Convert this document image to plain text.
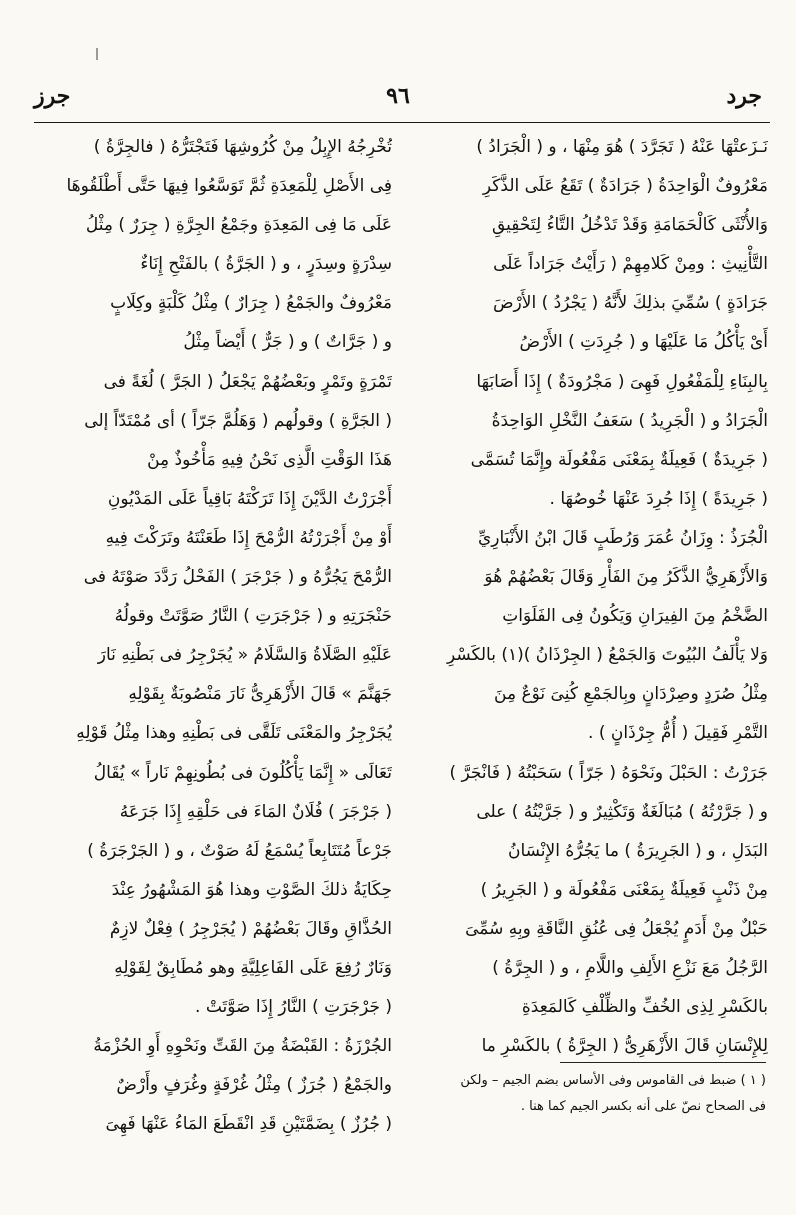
جرز	٩٦	جرد
نَـزَعتْهَا عَنْهُ ( تَجَرَّدَ ) هُوَ مِنْهَا ، و ( الْجَرَادُ )
مَعْرُوفٌ الْوَاحِدَةُ ( جَرَادَةٌ ) تَقَعُ عَلَى الذَّكَرِ
وَالأُنْثَى كَالْحَمَامَةِ وَقَدْ تَدْخُلُ التَّاءُ لِتَحْقِيقِ
التَّأْنِيثِ : ومِنْ كَلامِهِمْ ( رَأَيْتُ جَرَاداً عَلَى
جَرَادَةٍ ) سُمِّيَ بذلِكَ لأَنَّهُ ( يَجْرُدُ ) الأَرْضَ
أَىْ يَأْكُلُ مَا عَلَيْهَا و ( جُرِدَتِ ) الأَرْضُ
بِالبِنَاءِ لِلْمَفْعُولِ فَهِىَ ( مَجْرُودَةٌ ) إِذَا أَصَابَهَا
الْجَرَادُ و ( الْجَرِيدُ ) سَعَفُ النَّخْلِ الوَاحِدَةُ
( جَرِيدَةٌ ) فَعِيلَةٌ بِمَعْنَى مَفْعُولَة وإِنَّمَا تُسَمَّى
( جَرِيدَةً ) إِذَا جُرِدَ عَنْهَا خُوصُهَا .
الْجُرَذُ : وِزَانُ عُمَرَ وَرُطَبٍ قَالَ ابْنُ الأَنْبَارِيِّ
وَالأَزْهَرِيُّ الذَّكَرُ مِنَ الفَأْرِ وَقَالَ بَعْضُهُمْ هُوَ
الضَّخْمُ مِنَ الفِيرَانِ وَيَكُونُ فِى الفَلَوَاتِ
وَلا يَأْلَفُ البُيُوتَ وَالجَمْعُ ( الجِرْذَانُ )(١) بالكَسْرِ
مِثْلُ صُرَدٍ وصِرْدَانٍ وبِالجَمْعِ كُنِىَ نَوْعٌ مِنَ
التَّمْرِ فَقِيلَ ( أُمُّ جِرْذَانٍ ) .
جَرَرْتُ : الحَبْلَ ونَحْوَهُ ( جَرّاً ) سَحَبْتُهُ ( فَانْجَرَّ )
و ( جَرَّرْتُهُ ) مُبَالَغَةٌ وَتَكْثِيرٌ و ( جَرَّيْتُهُ ) على
البَدَلِ ، و ( الجَرِيرَةُ ) ما يَجُرُّهُ الإِنْسَانُ
مِنْ ذَنْبٍ فَعِيلَةٌ بِمَعْنَى مَفْعُولَة و ( الجَرِيرُ )
حَبْلٌ مِنْ أَدَمٍ يُجْعَلُ فِى عُنُقِ النَّاقَةِ وبِهِ سُمِّىَ
الرَّجُلُ مَعَ نَزْعِ الأَلِفِ واللَّامِ ، و ( الجِرَّةُ )
بالكَسْرِ لِذِى الخُفِّ والظِّلْفِ كَالمَعِدَةِ
لِلإِنْسَانِ قَالَ الأَزْهَرِىُّ ( الجِرَّةُ ) بالكَسْرِ ما
تُخْرِجُهُ الإِبِلُ مِنْ كُرُوشِهَا فَتَجْتَرُّهُ ( فالجِرَّةُ )
فِى الأَصْلِ لِلْمَعِدَةِ ثُمَّ تَوَسَّعُوا فِيهَا حَتَّى أَطْلَقُوهَا
عَلَى مَا فِى المَعِدَةِ وجَمْعُ الجِرَّةِ ( جِرَرٌ ) مِثْلُ
سِدْرَةٍ وسِدَرٍ ، و ( الجَرَّةُ ) بالفَتْحِ إِنَاءٌ
مَعْرُوفٌ والجَمْعُ ( جِرَارٌ ) مِثْلُ كَلْبَةٍ وكِلَابٍ
و ( جَرَّاتٌ ) و ( جَرٌّ ) أَيْضاً مِثْلُ
تَمْرَةٍ وتَمْرٍ وبَعْضُهُمْ يَجْعَلُ ( الجَرَّ ) لُغَةً فى
( الجَرَّةِ ) وقولُهم ( وَهَلُمَّ جَرّاً ) أى مُمْتَدّاً إلى
هَذَا الوَقْتِ الَّذِى نَحْنُ فِيهِ مَأْخُوذٌ مِنْ
أَجْرَرْتُ الدَّيْنَ إِذَا تَرَكْتَهُ بَاقِياً عَلَى المَدْيُونِ
أَوْ مِنْ أَجْرَرْتُهُ الرُّمْحَ إِذَا طَعَنْتَهُ وتَرَكْتَ فِيهِ
الرُّمْحَ يَجُرُّهُ و ( جَرْجَرَ ) الفَحْلُ رَدَّدَ صَوْتَهُ فى
حَنْجَرَتِهِ و ( جَرْجَرَتِ ) النَّارُ صَوَّتَتْ وقولُهُ
عَلَيْهِ الصَّلَاةُ وَالسَّلَامُ « يُجَرْجِرُ فى بَطْنِهِ نَارَ
جَهَنَّمَ » قَالَ الأَزْهَرِىُّ نَارَ مَنْصُوبَةٌ بِقَوْلِهِ
يُجَرْجِرُ والمَعْنَى تَلَقَّى فى بَطْنِهِ وهذا مِثْلُ قَوْلِهِ
تَعَالَى « إِنَّمَا يَأْكُلُونَ فى بُطُونِهِمْ نَاراً » يُقَالُ
( جَرْجَرَ ) فُلَانٌ المَاءَ فى حَلْقِهِ إِذَا جَرَعَهُ
جَرْعاً مُتَتَابِعاً يُسْمَعُ لَهُ صَوْتٌ ، و ( الجَرْجَرَةُ )
حِكَايَةُ ذلكَ الصَّوْتِ وهذا هُوَ المَشْهُورُ عِنْدَ
الحُذَّاقِ وقَالَ بَعْضُهُمْ ( يُجَرْجِرُ ) فِعْلٌ لازِمٌ
وَنَارٌ رُفِعَ عَلَى الفَاعِلِيَّةِ وهو مُطَابِقٌ لِقَوْلِهِ
( جَرْجَرَتِ ) النَّارُ إِذَا صَوَّتَتْ .
الجُرْزَةُ : القَبْضَةُ مِنَ القَتِّ ونَحْوِهِ أَوِ الحُزْمَةُ
والجَمْعُ ( جُرَزٌ ) مِثْلُ غُرْفَةٍ وغُرَفٍ وأَرْضٌ
( جُرُزٌ ) بِضَمَّتَيْنِ قَدِ انْقَطَعَ المَاءُ عَنْهَا فَهِىَ
( ١ ) ضبط فى القاموس وفى الأساس بضم الجيم – ولكن
فى الصحاح نصّ على أنه بكسر الجيم كما هنا .
